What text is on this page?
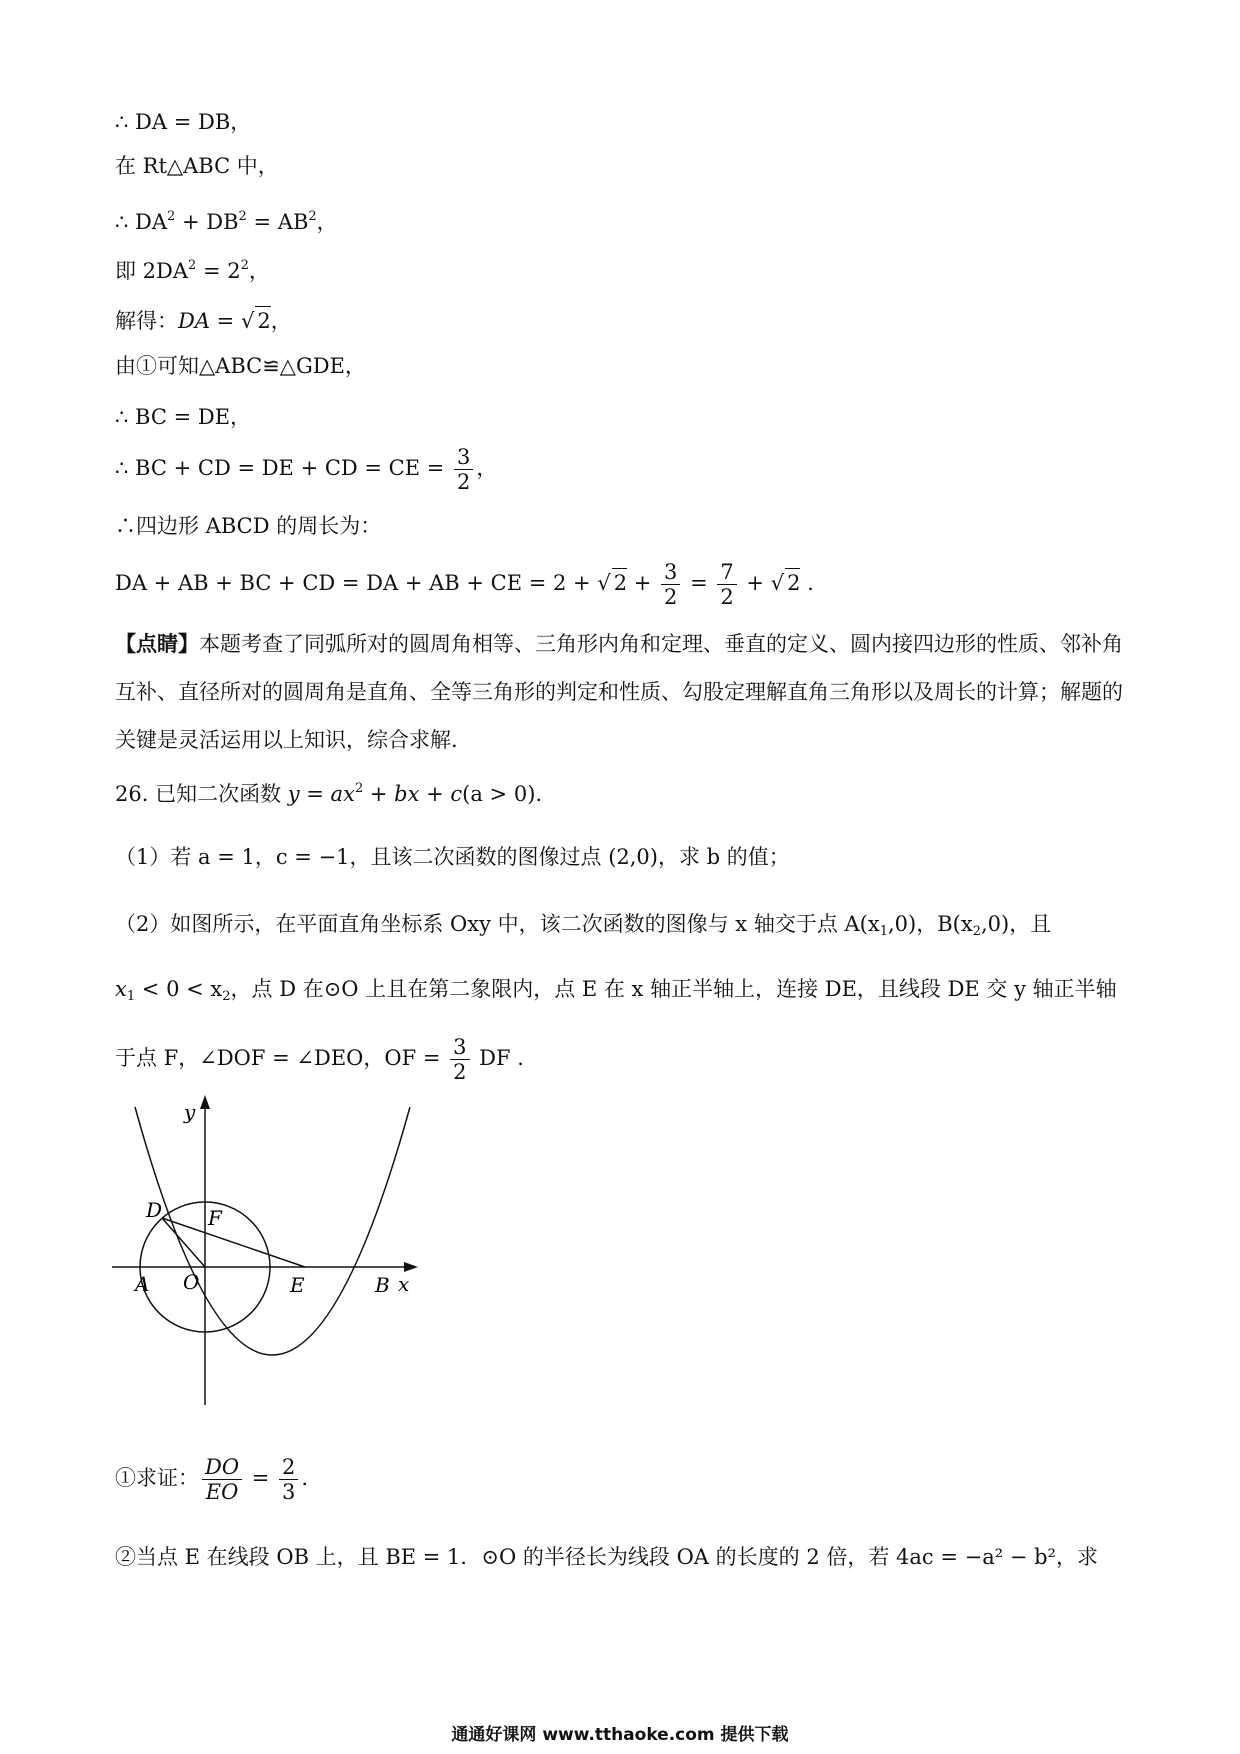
∴ DA = DB，
在 Rt△ABC 中，
∴ $DA^2 + DB^2 = AB^2$，
即 $2DA^2 = 2^2$，
解得：DA = √ 2，
由①可知△ABC≌△GDE，
∴ BC = DE，
∴ BC + CD = DE + CD = CE = $\frac{3}{2}$ ，
∴四边形 ABCD 的周长为：
DA + AB + BC + CD = DA + AB + CE = 2 + √ $2 + \frac{3}{2} = \frac{7}{2}$ + √ 2 .
【点睛】本题考查了同弧所对的圆周角相等、三角形内角和定理、垂直的定义、圆内接四边形的性质、邻补角互补、直径所对的圆周角是直角、全等三角形的判定和性质、勾股定理解直角三角形以及周长的计算；解题的关键是灵活运用以上知识，综合求解.
26. 已知二次函数 $y = ax^2$ + bx + c(a > 0).
（1）若 a = 1，c = −1，且该二次函数的图像过点 (2,0)，求 b 的值；
（2）如图所示，在平面直角坐标系 Oxy 中，该二次函数的图像与 x 轴交于点 $A(x_1,0)$，$B(x_2,0)$，且
$x_1 < 0 < x_2$，点 D 在⊙O 上且在第二象限内，点 E 在 x 轴正半轴上，连接 DE，且线段 DE 交 y 轴正半轴
于点 F，∠DOF = ∠DEO，OF = $\frac{3}{2}$ DF .
y
x
D F
A O	E	B
①求证： $\frac{DO}{EO} = \frac{2}{3}$ .
②当点 E 在线段 OB 上，且 BE = 1．⊙O 的半径长为线段 OA 的长度的 2 倍，若 4ac = −a² − b²，求
通通好课网 www.tthaoke.com 提供下载
